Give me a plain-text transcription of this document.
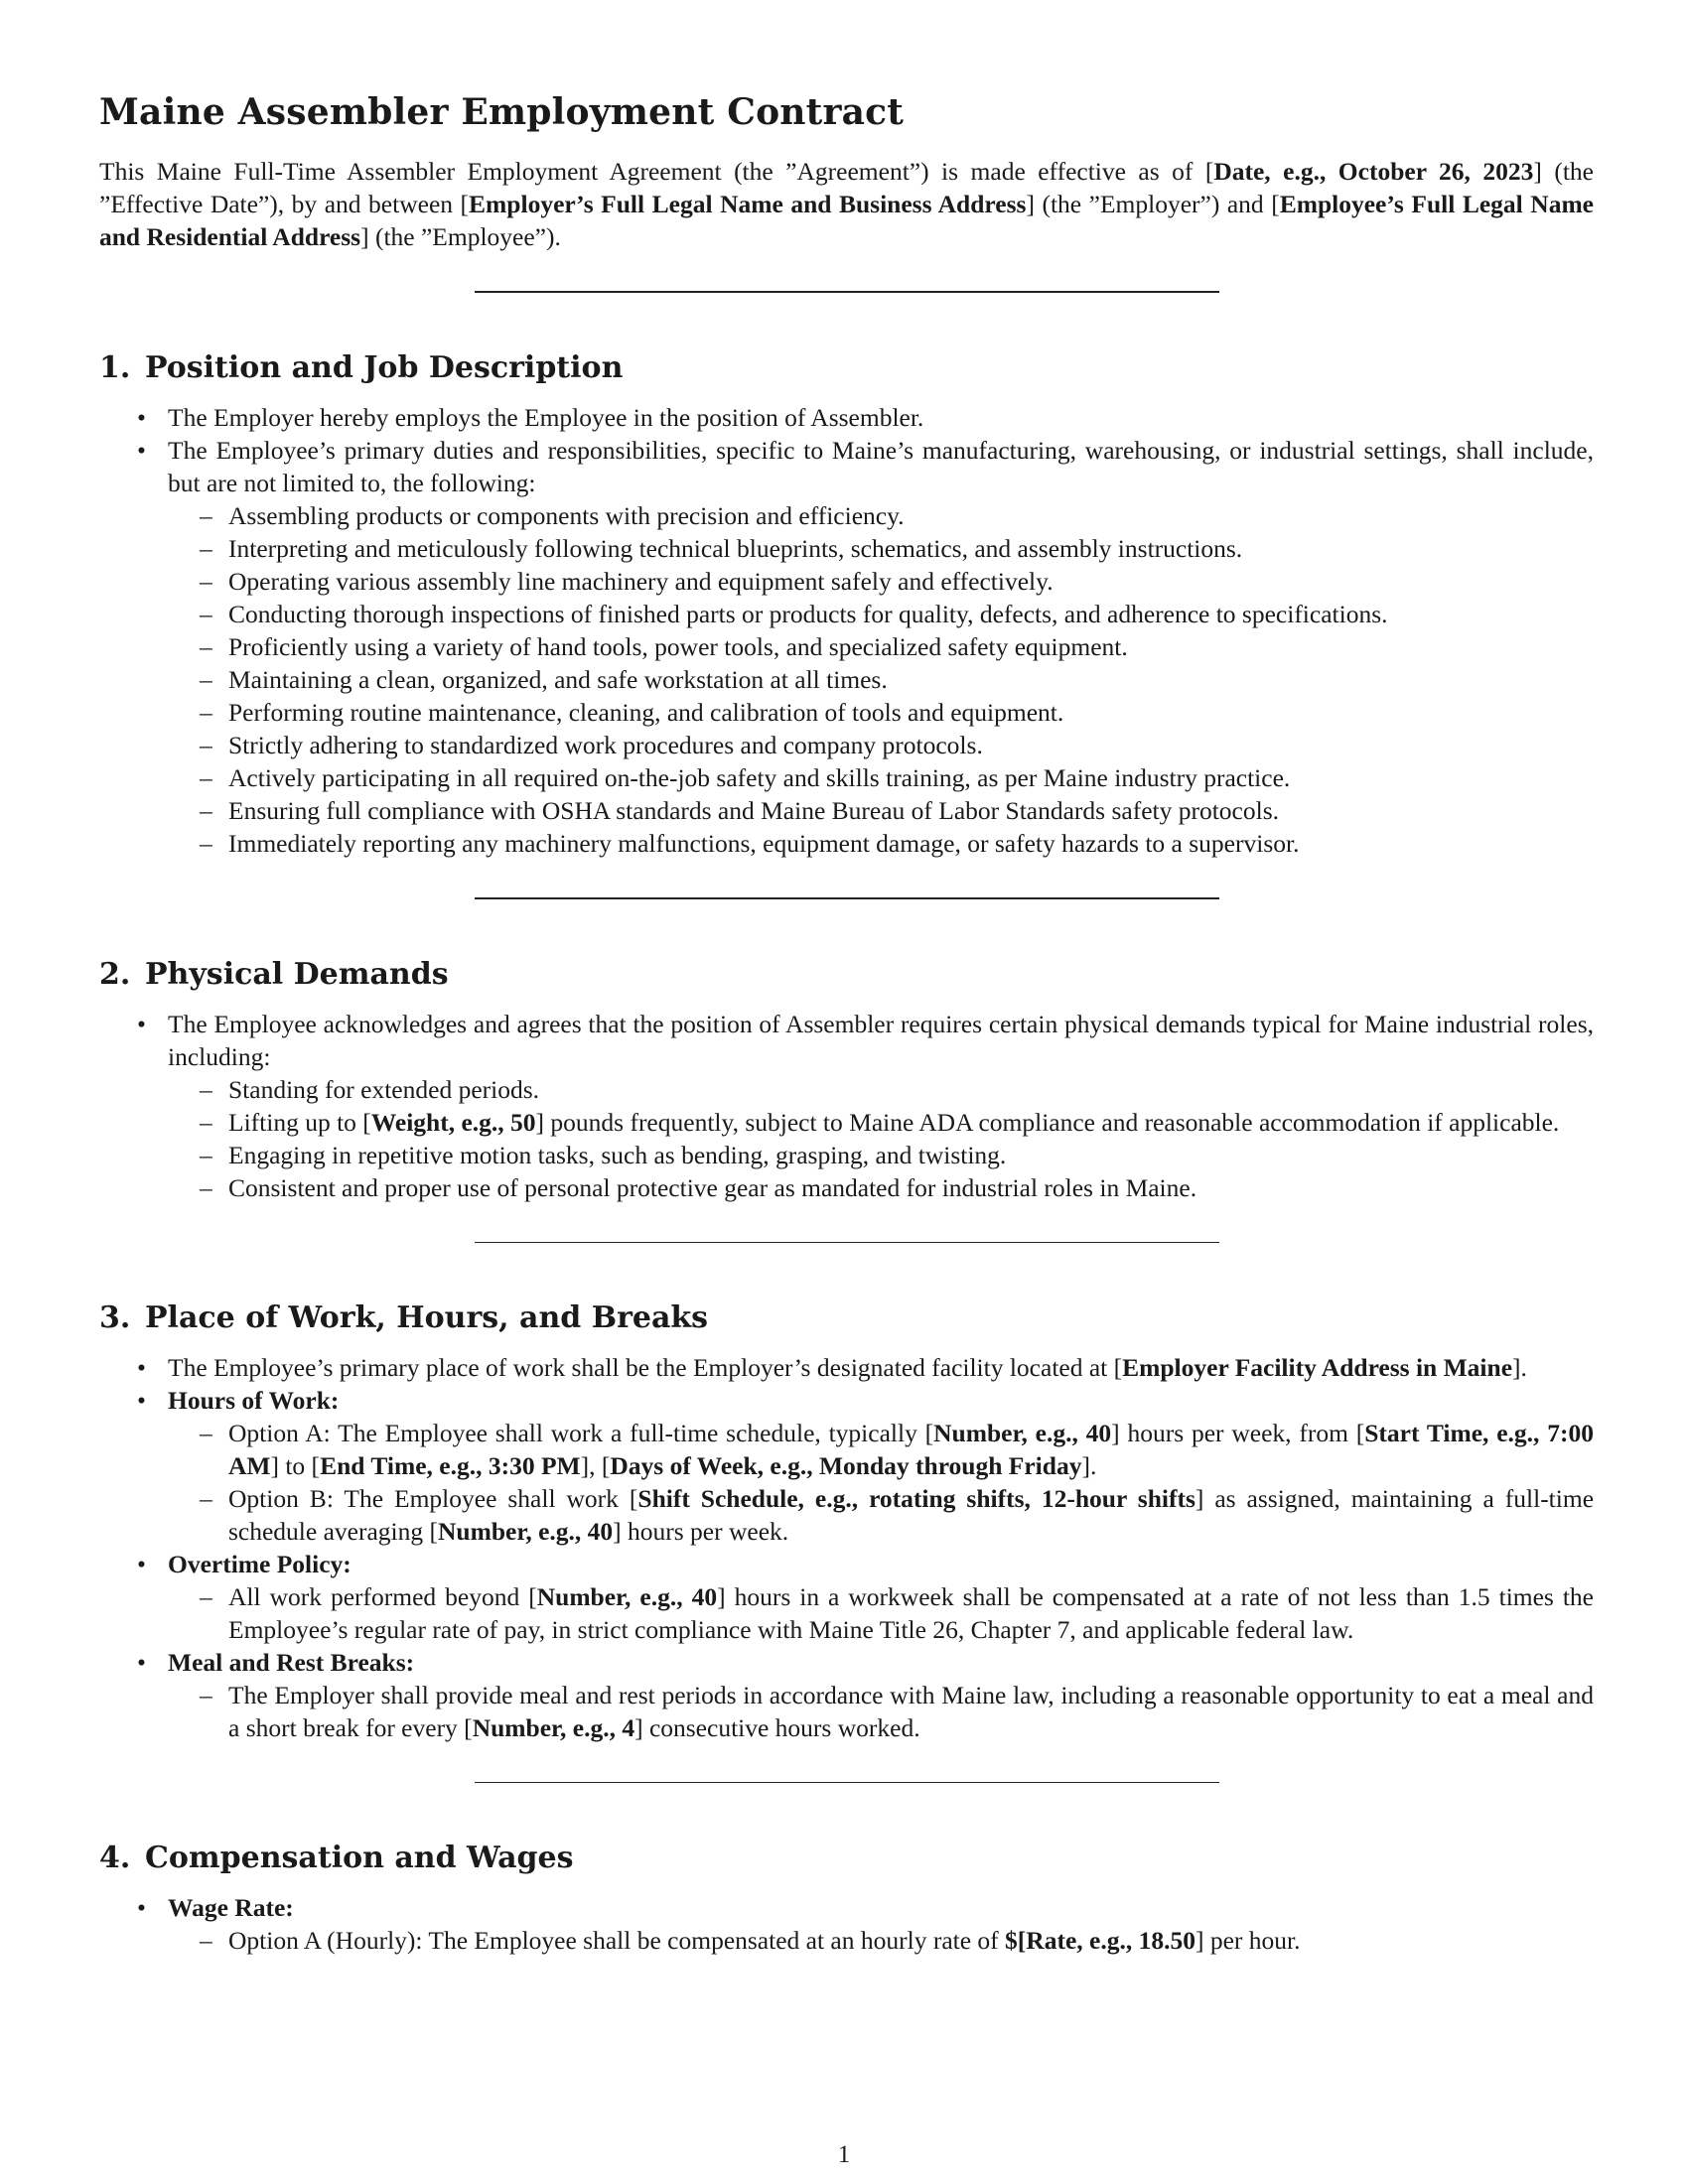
Maine Assembler Employment Contract

This Maine Full-Time Assembler Employment Agreement (the ”Agreement”) is made effective as of [Date, e.g., October 26, 2023] (the ”Effective Date”), by and between [Employer’s Full Legal Name and Business Address] (the ”Employer”) and [Employee’s Full Legal Name and Residential Address] (the ”Employee”).

1. Position and Job Description
• The Employer hereby employs the Employee in the position of Assembler.
• The Employee’s primary duties and responsibilities, specific to Maine’s manufacturing, warehousing, or industrial settings, shall include, but are not limited to, the following:
– Assembling products or components with precision and efficiency.
– Interpreting and meticulously following technical blueprints, schematics, and assembly instructions.
– Operating various assembly line machinery and equipment safely and effectively.
– Conducting thorough inspections of finished parts or products for quality, defects, and adherence to specifications.
– Proficiently using a variety of hand tools, power tools, and specialized safety equipment.
– Maintaining a clean, organized, and safe workstation at all times.
– Performing routine maintenance, cleaning, and calibration of tools and equipment.
– Strictly adhering to standardized work procedures and company protocols.
– Actively participating in all required on-the-job safety and skills training, as per Maine industry practice.
– Ensuring full compliance with OSHA standards and Maine Bureau of Labor Standards safety protocols.
– Immediately reporting any machinery malfunctions, equipment damage, or safety hazards to a supervisor.
2. Physical Demands
• The Employee acknowledges and agrees that the position of Assembler requires certain physical demands typical for Maine industrial roles, including:
– Standing for extended periods.
– Lifting up to [Weight, e.g., 50] pounds frequently, subject to Maine ADA compliance and reasonable accommodation if applicable.
– Engaging in repetitive motion tasks, such as bending, grasping, and twisting.
– Consistent and proper use of personal protective gear as mandated for industrial roles in Maine.
3. Place of Work, Hours, and Breaks
• The Employee’s primary place of work shall be the Employer’s designated facility located at [Employer Facility Address in Maine].
• Hours of Work:
– Option A: The Employee shall work a full-time schedule, typically [Number, e.g., 40] hours per week, from [Start Time, e.g., 7:00 AM] to [End Time, e.g., 3:30 PM], [Days of Week, e.g., Monday through Friday].
– Option B: The Employee shall work [Shift Schedule, e.g., rotating shifts, 12-hour shifts] as assigned, maintaining a full-time schedule averaging [Number, e.g., 40] hours per week.
• Overtime Policy:
– All work performed beyond [Number, e.g., 40] hours in a workweek shall be compensated at a rate of not less than 1.5 times the Employee’s regular rate of pay, in strict compliance with Maine Title 26, Chapter 7, and applicable federal law.
• Meal and Rest Breaks:
– The Employer shall provide meal and rest periods in accordance with Maine law, including a reasonable opportunity to eat a meal and a short break for every [Number, e.g., 4] consecutive hours worked.
4. Compensation and Wages
• Wage Rate:
– Option A (Hourly): The Employee shall be compensated at an hourly rate of $[Rate, e.g., 18.50] per hour.
1
